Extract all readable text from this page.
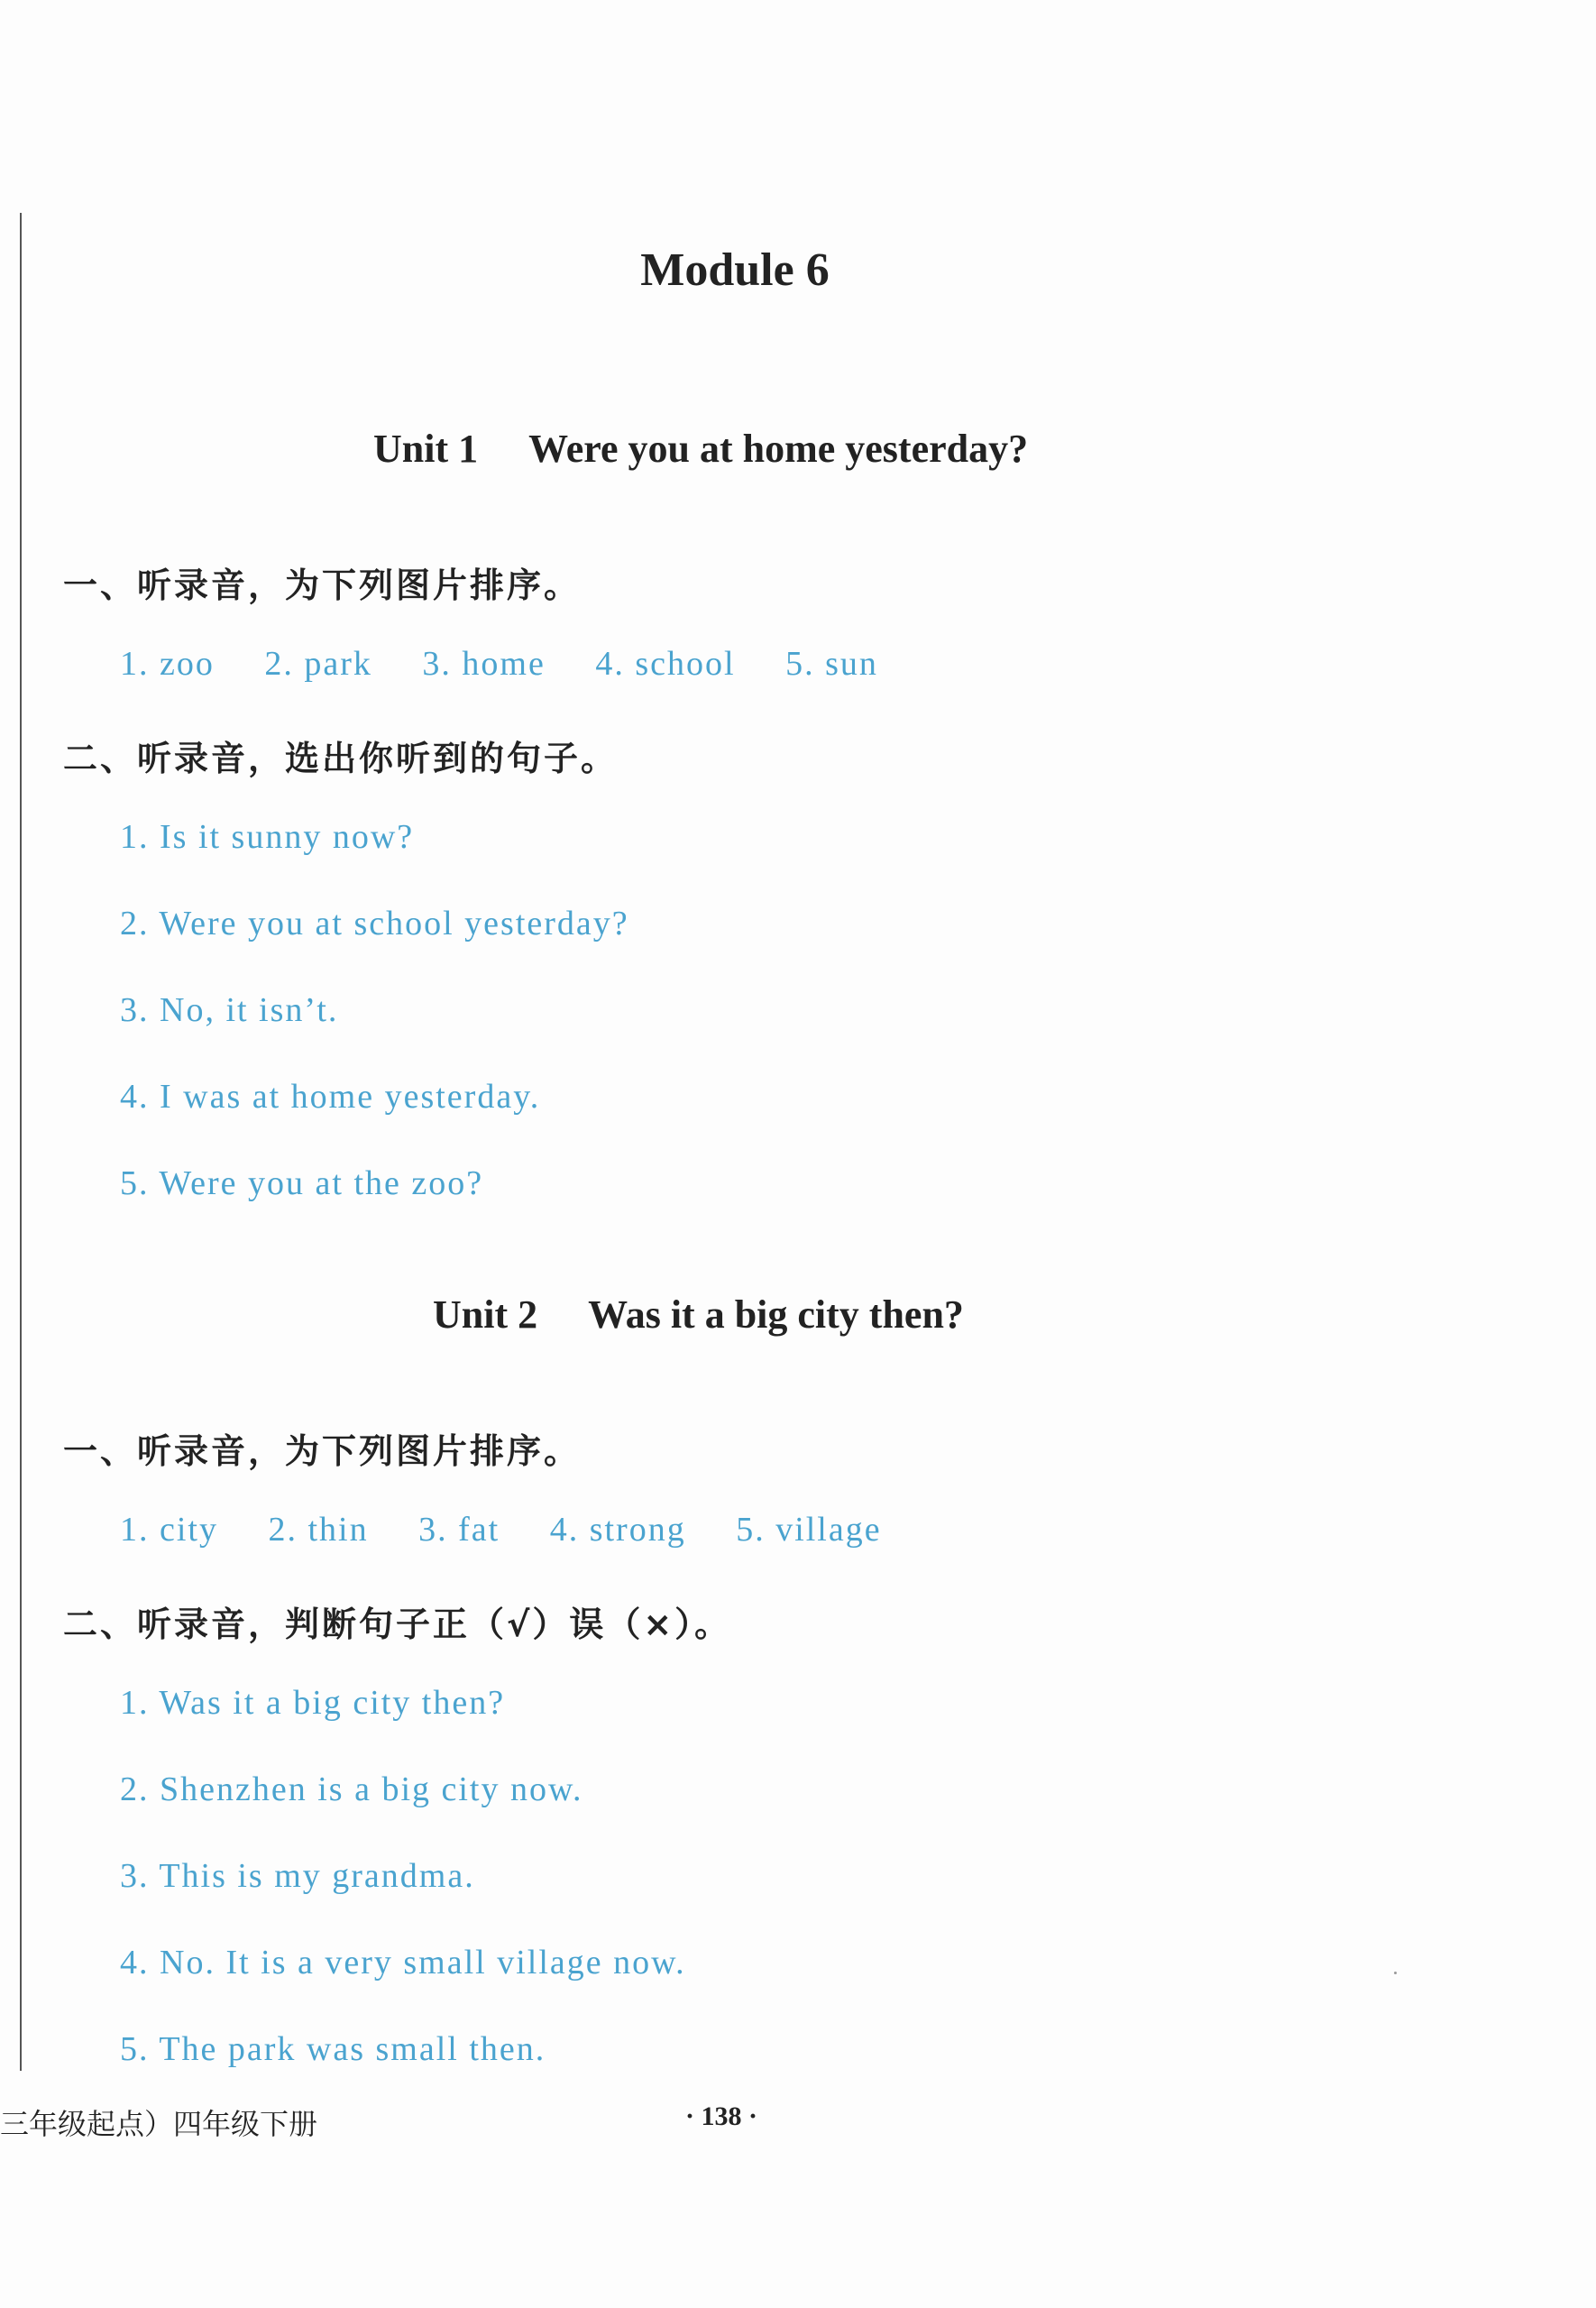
Module 6
Unit 1 Were you at home yesterday?
一、听录音，为下列图片排序。
1. zoo 2. park 3. home 4. school 5. sun
二、听录音，选出你听到的句子。
1. Is it sunny now?
2. Were you at school yesterday?
3. No, it isn’t.
4. I was at home yesterday.
5. Were you at the zoo?
Unit 2 Was it a big city then?
一、听录音，为下列图片排序。
1. city 2. thin 3. fat 4. strong 5. village
二、听录音，判断句子正（√）误（×）。
1. Was it a big city then?
2. Shenzhen is a big city now.
3. This is my grandma.
4. No. It is a very small village now.
5. The park was small then.
三年级起点）四年级下册	· 138 ·
